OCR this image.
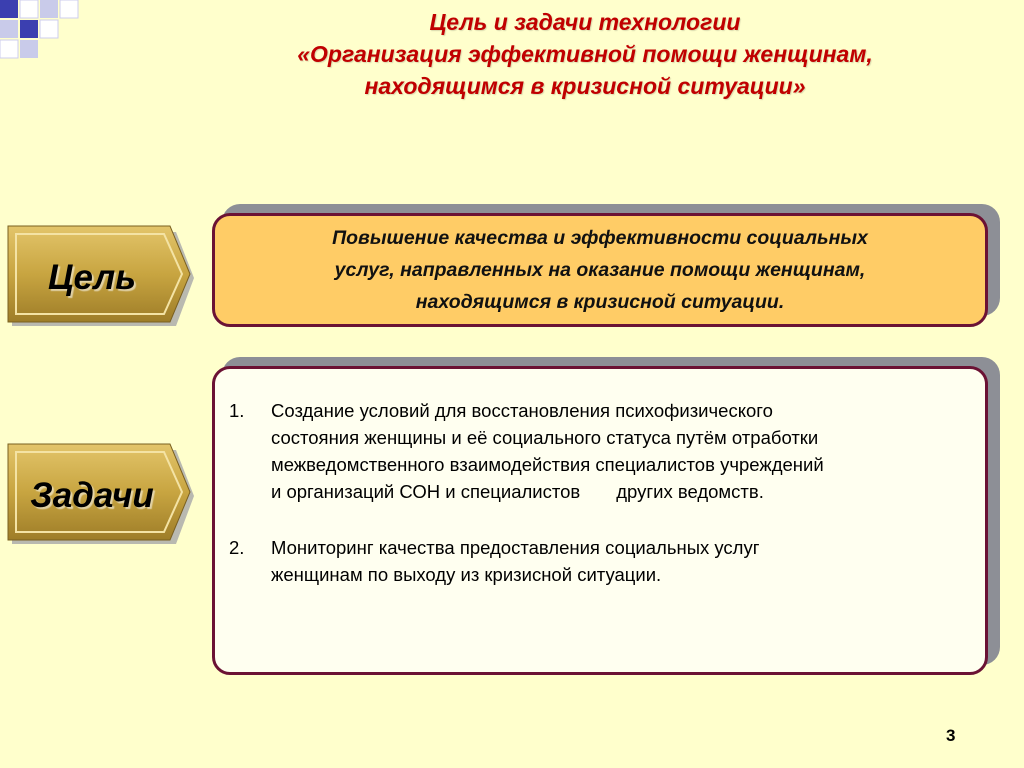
Цель и задачи технологии
«Организация эффективной помощи женщинам,
находящимся в кризисной ситуации»
Цель
Повышение качества и эффективности социальных
услуг, направленных на оказание помощи женщинам,
находящимся в кризисной ситуации.
Задачи
1. Создание условий для восстановления психофизического
состояния женщины и её социального статуса путём отработки
межведомственного взаимодействия специалистов учреждений
и организаций СОН и специалистов       других ведомств.
2. Мониторинг качества предоставления социальных услуг
женщинам по выходу из кризисной ситуации.
3
